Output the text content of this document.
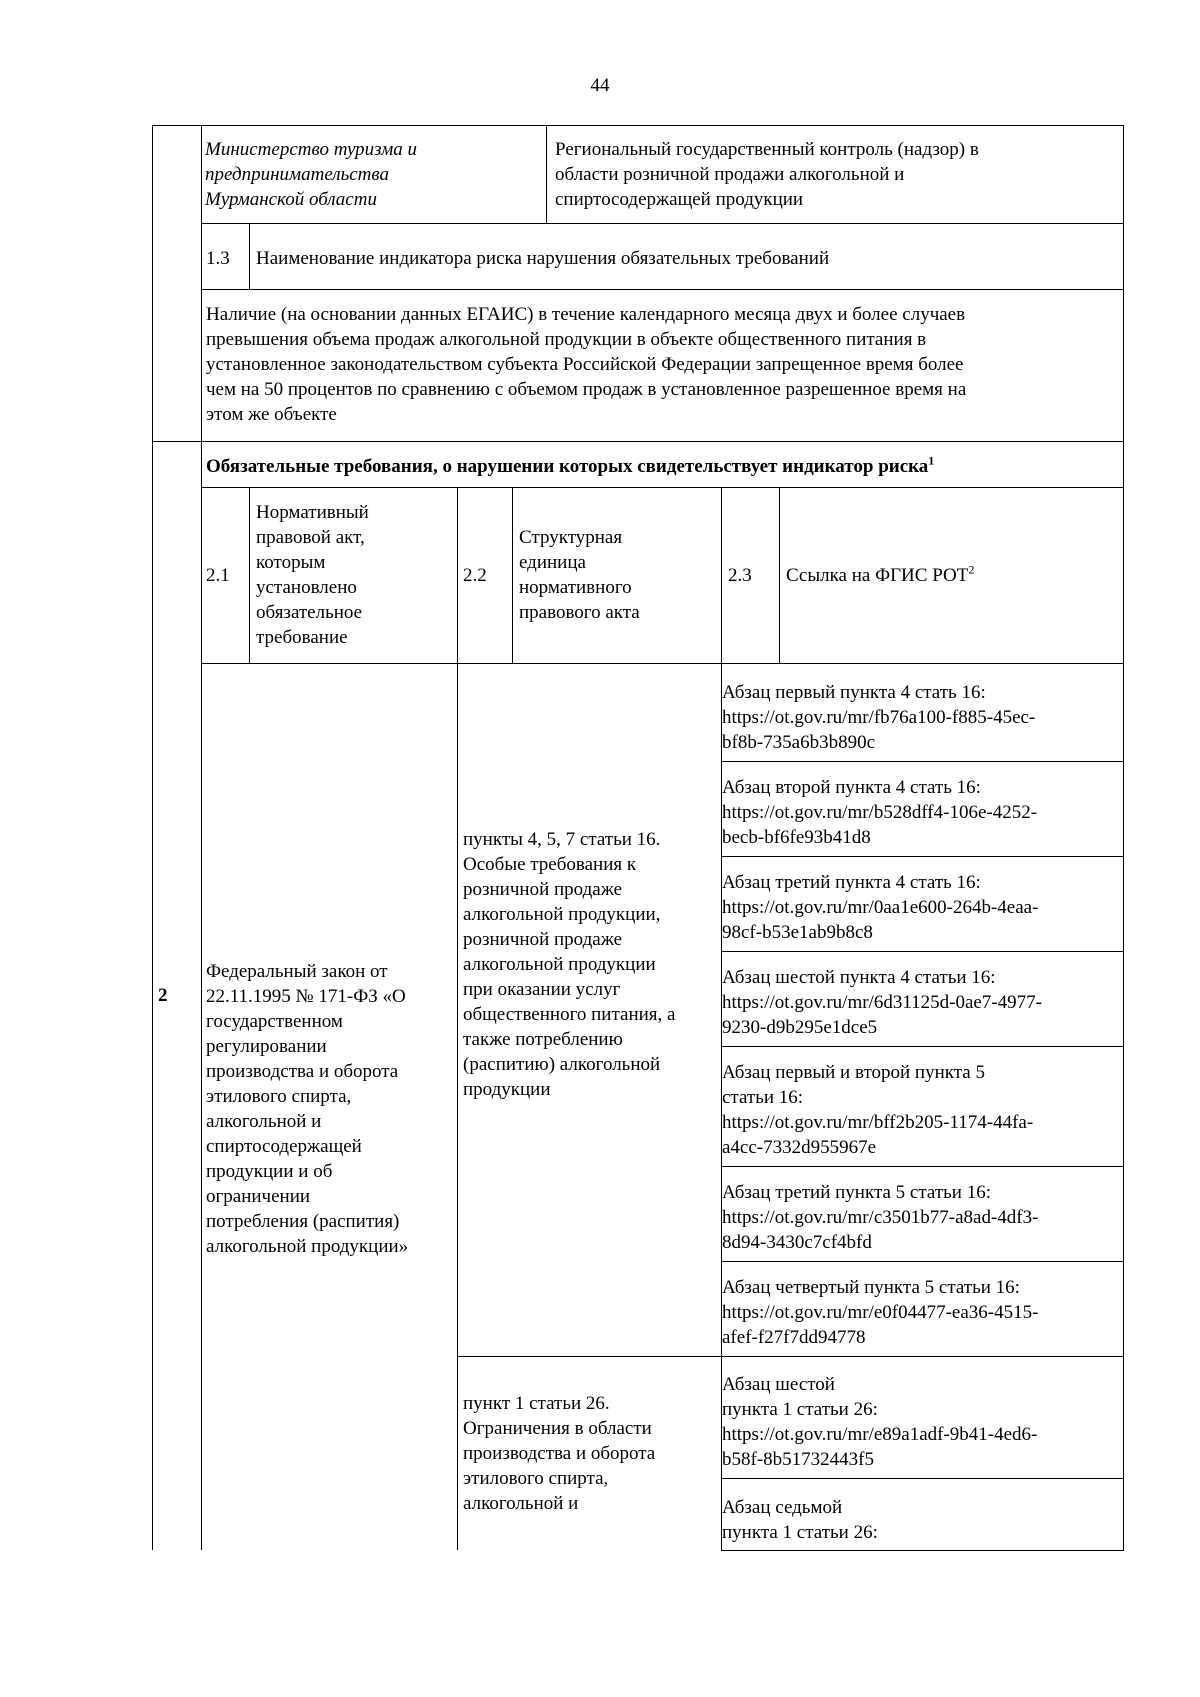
44
Министерство туризма и
предпринимательства
Мурманской области
Региональный государственный контроль (надзор) в
области розничной продажи алкогольной и
спиртосодержащей продукции
1.3 Наименование индикатора риска нарушения обязательных требований
Наличие (на основании данных ЕГАИС) в течение календарного месяца двух и более случаев
превышения объема продаж алкогольной продукции в объекте общественного питания в
установленное законодательством субъекта Российской Федерации запрещенное время более
чем на 50 процентов по сравнению с объемом продаж в установленное разрешенное время на
этом же объекте
2
Обязательные требования, о нарушении которых свидетельствует индикатор риска$^1$
2.1
Нормативный
правовой акт,
которым
установлено
обязательное
требование
2.2
Структурная
единица
нормативного
правового акта
2.3 Ссылка на ФГИС РОТ$^2$
Федеральный закон от
22.11.1995 № 171-ФЗ «О
государственном
регулировании
производства и оборота
этилового спирта,
алкогольной и
спиртосодержащей
продукции и об
ограничении
потребления (распития)
алкогольной продукции»
пункты 4, 5, 7 статьи 16.
Особые требования к
розничной продаже
алкогольной продукции,
розничной продаже
алкогольной продукции
при оказании услуг
общественного питания, а
также потреблению
(распитию) алкогольной
продукции
пункт 1 статьи 26.
Ограничения в области
производства и оборота
этилового спирта,
алкогольной и
Абзац первый пункта 4 стать 16:
https://ot.gov.ru/mr/fb76a100-f885-45ec-
bf8b-735a6b3b890c
Абзац второй пункта 4 стать 16:
https://ot.gov.ru/mr/b528dff4-106e-4252-
becb-bf6fe93b41d8
Абзац третий пункта 4 стать 16:
https://ot.gov.ru/mr/0aa1e600-264b-4eaa-
98cf-b53e1ab9b8c8
Абзац шестой пункта 4 статьи 16:
https://ot.gov.ru/mr/6d31125d-0ae7-4977-
9230-d9b295e1dce5
Абзац первый и второй пункта 5
статьи 16:
https://ot.gov.ru/mr/bff2b205-1174-44fa-
a4cc-7332d955967e
Абзац третий пункта 5 статьи 16:
https://ot.gov.ru/mr/c3501b77-a8ad-4df3-
8d94-3430c7cf4bfd
Абзац четвертый пункта 5 статьи 16:
https://ot.gov.ru/mr/e0f04477-ea36-4515-
afef-f27f7dd94778
Абзац шестой
пункта 1 статьи 26:
https://ot.gov.ru/mr/e89a1adf-9b41-4ed6-
b58f-8b51732443f5
Абзац седьмой
пункта 1 статьи 26:
